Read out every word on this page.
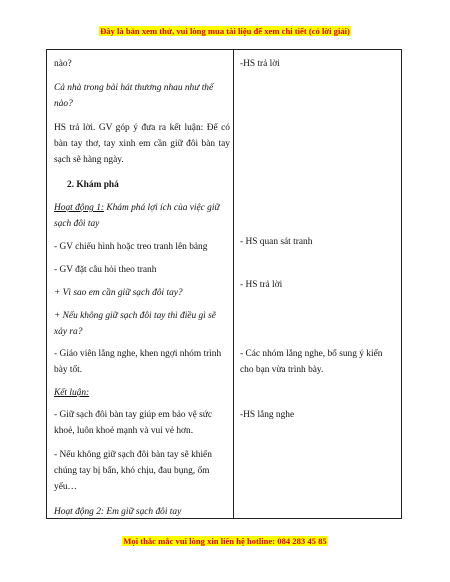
Đây là bản xem thử, vui lòng mua tài liệu để xem chi tiết (có lời giải)
nào?
Cả nhà trong bài hát thương nhau như thế nào?
HS trả lời. GV góp ý đưa ra kết luận: Để có bàn tay thơ, tay xinh em cần giữ đôi bàn tay sạch sẽ hàng ngày.
2. Khám phá
Hoạt động 1: Khám phá lợi ích của việc giữ sạch đôi tay
- GV chiếu hình hoặc treo tranh lên bảng
- GV đặt câu hỏi theo tranh
+ Vì sao em cần giữ sạch đôi tay?
+ Nếu không giữ sạch đôi tay thì điều gì sẽ xảy ra?
- Giáo viên lắng nghe, khen ngợi nhóm trình bày tốt.
Kết luận:
- Giữ sạch đôi bàn tay giúp em bảo vệ sức khoẻ, luôn khoẻ mạnh và vui vẻ hơn.
- Nếu không giữ sạch đôi bàn tay sẽ khiến chúng tay bị bẩn, khó chịu, đau bụng, ốm yếu…
Hoạt động 2: Em giữ sạch đôi tay
-HS trả lời
- HS quan sát tranh
- HS trả lời
- Các nhóm lắng nghe, bổ sung ý kiến cho bạn vừa trình bày.
-HS lắng nghe
Mọi thắc mắc vui lòng xin liên hệ hotline: 084 283 45 85
